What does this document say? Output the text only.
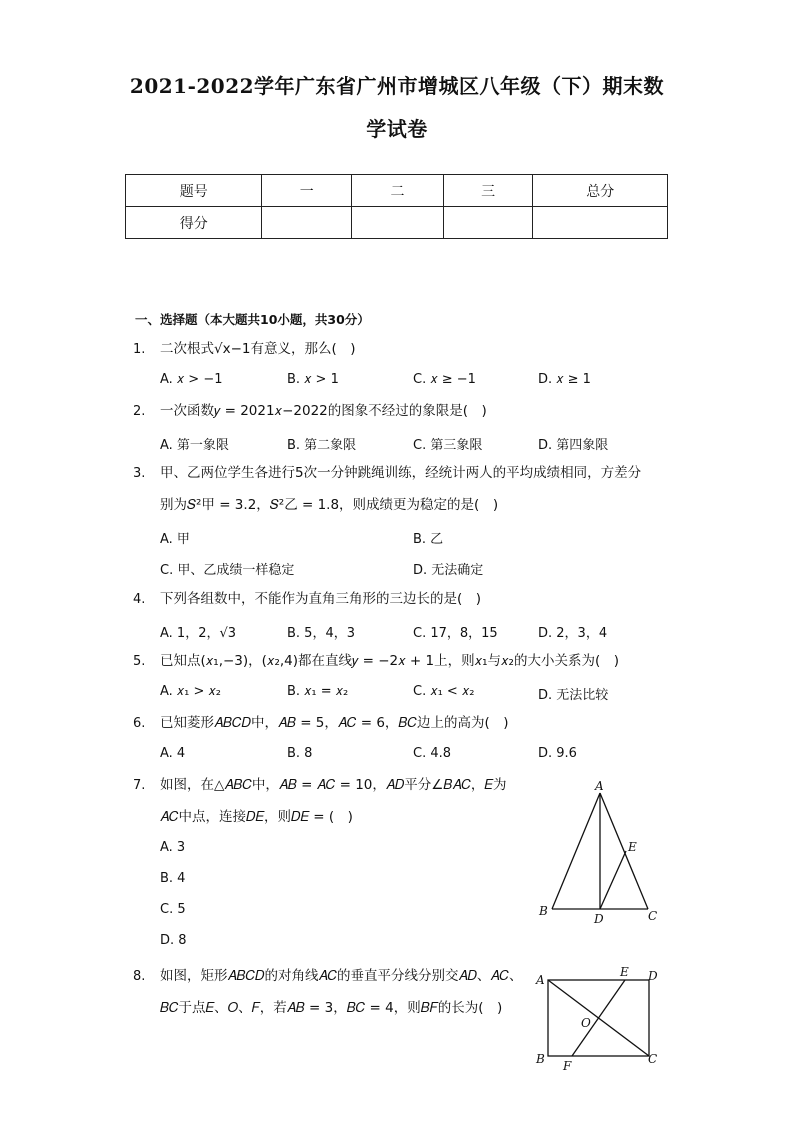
2021-2022学年广东省广州市增城区八年级（下）期末数
学试卷
题号	一	二	三	总分
得分				
一、选择题（本大题共10小题，共30分）
1. 二次根式√x−1有意义，那么(　)
A. 𝑥 > −1	B. 𝑥 > 1	C. 𝑥 ≥ −1	D. 𝑥 ≥ 1
2. 一次函数𝑦 = 2021𝑥−2022的图象不经过的象限是(　)
A. 第一象限	B. 第二象限	C. 第三象限	D. 第四象限
3. 甲、乙两位学生各进行5次一分钟跳绳训练，经统计两人的平均成绩相同，方差分
别为𝑆²甲 = 3.2，𝑆²乙 = 1.8，则成绩更为稳定的是(　)
A. 甲	B. 乙
C. 甲、乙成绩一样稳定	D. 无法确定
4. 下列各组数中，不能作为直角三角形的三边长的是(　)
A. 1，2，√3	B. 5，4，3	C. 17，8，15	D. 2，3，4
5. 已知点(𝑥₁,−3)，(𝑥₂,4)都在直线𝑦 = −2𝑥 + 1上，则𝑥₁与𝑥₂的大小关系为(　)
A. 𝑥₁ > 𝑥₂	B. 𝑥₁ = 𝑥₂	C. 𝑥₁ < 𝑥₂	D. 无法比较
6. 已知菱形𝐴𝐵𝐶𝐷中，𝐴𝐵 = 5，𝐴𝐶 = 6，𝐵𝐶边上的高为(　)
A. 4	B. 8	C. 4.8	D. 9.6
7. 如图，在△𝐴𝐵𝐶中，𝐴𝐵 = 𝐴𝐶 = 10，𝐴𝐷平分∠𝐵𝐴𝐶，𝐸为
𝐴𝐶中点，连接𝐷𝐸，则𝐷𝐸 = (　)
A. 3
B. 4
C. 5
D. 8
A
B	C
D
E
8. 如图，矩形𝐴𝐵𝐶𝐷的对角线𝐴𝐶的垂直平分线分别交𝐴𝐷、𝐴𝐶、
𝐵𝐶于点𝐸、𝑂、𝐹，若𝐴𝐵 = 3，𝐵𝐶 = 4，则𝐵𝐹的长为(　)
A
B	C
D
E
F
O
